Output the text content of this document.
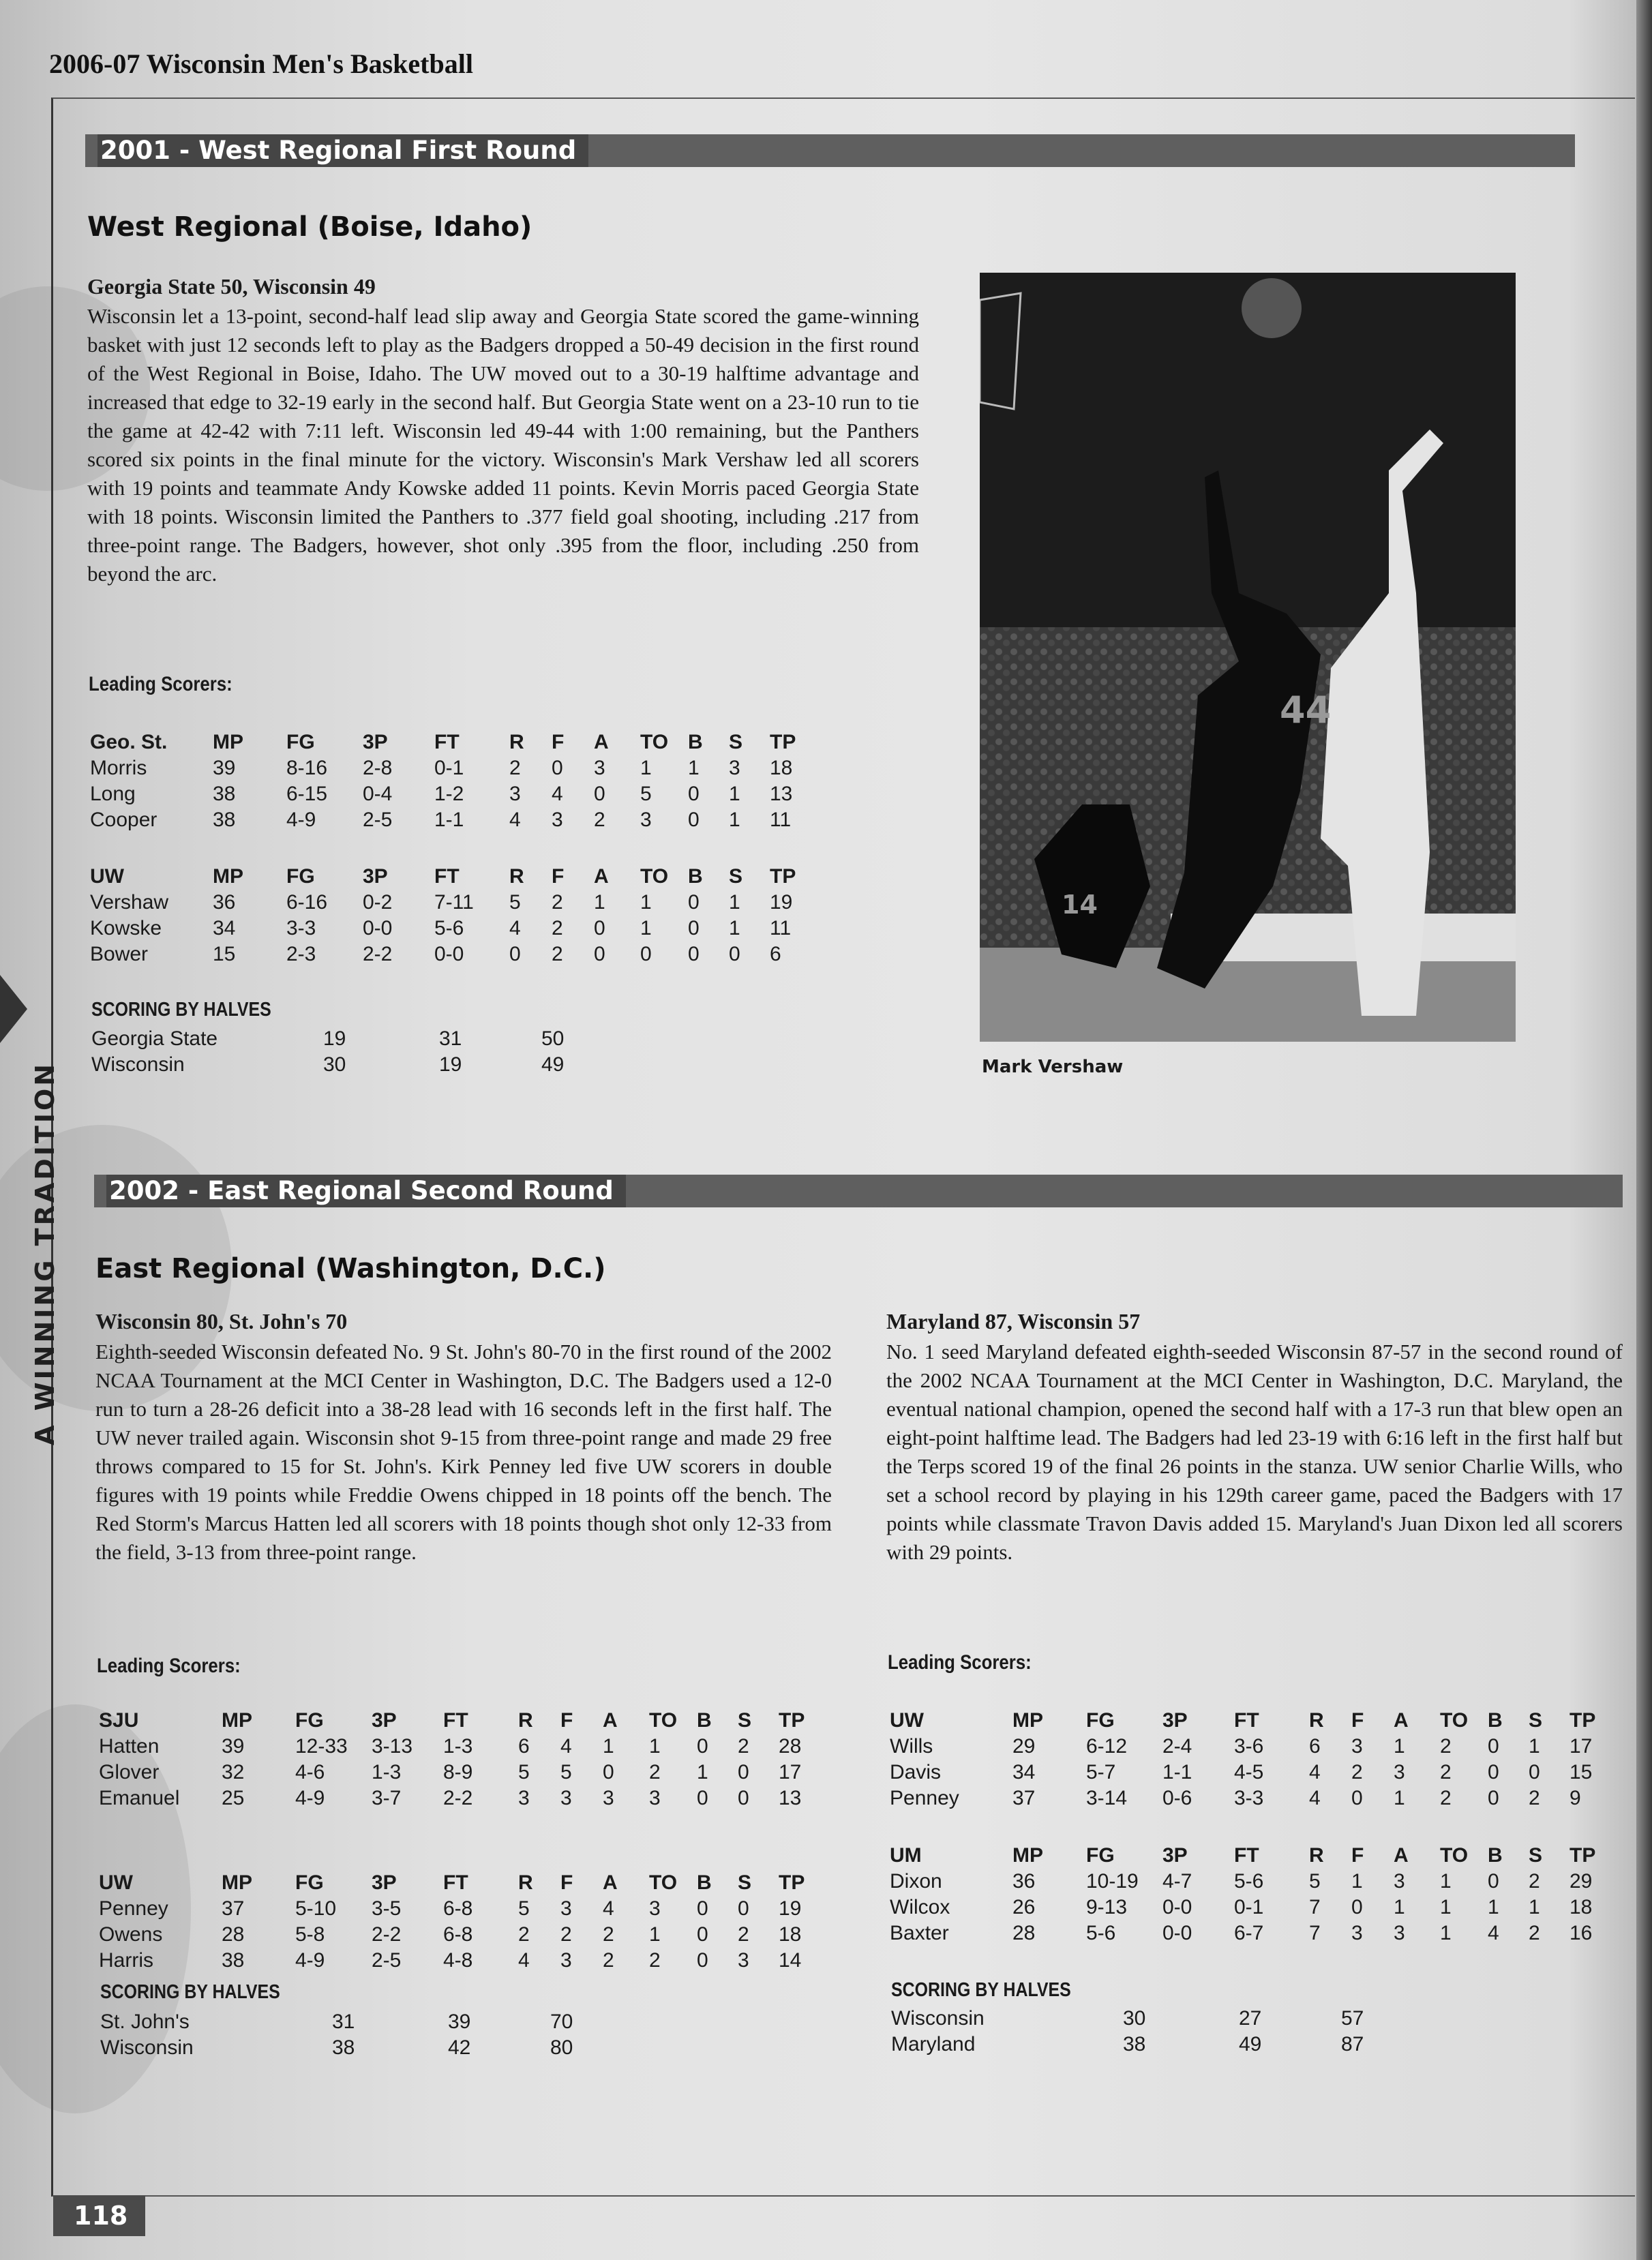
2006-07 Wisconsin Men's Basketball
2001 - West Regional First Round
West Regional (Boise, Idaho)
Georgia State 50, Wisconsin 49
Wisconsin let a 13-point, second-half lead slip away and Georgia State scored the game-winning basket with just 12 seconds left to play as the Badgers dropped a 50-49 decision in the first round of the West Regional in Boise, Idaho. The UW moved out to a 30-19 halftime advantage and increased that edge to 32-19 early in the second half. But Georgia State went on a 23-10 run to tie the game at 42-42 with 7:11 left. Wisconsin led 49-44 with 1:00 remaining, but the Panthers scored six points in the final minute for the victory. Wisconsin's Mark Vershaw led all scorers with 19 points and teammate Andy Kowske added 11 points. Kevin Morris paced Georgia State with 18 points. Wisconsin limited the Panthers to .377 field goal shooting, including .217 from three-point range. The Badgers, however, shot only .395 from the floor, including .250 from beyond the arc.
Leading Scorers:
Geo. St.	MP	FG	3P	FT	R	F	A	TO	B	S	TP
Morris	39	8-16	2-8	0-1	2	0	3	1	1	3	18
Long	38	6-15	0-4	1-2	3	4	0	5	0	1	13
Cooper	38	4-9	2-5	1-1	4	3	2	3	0	1	11
UW	MP	FG	3P	FT	R	F	A	TO	B	S	TP
Vershaw	36	6-16	0-2	7-11	5	2	1	1	0	1	19
Kowske	34	3-3	0-0	5-6	4	2	0	1	0	1	11
Bower	15	2-3	2-2	0-0	0	2	0	0	0	0	6
SCORING BY HALVES
Georgia State	19	31	50
Wisconsin	30	19	49
44
14
Mark Vershaw
2002 - East Regional Second Round
East Regional (Washington, D.C.)
Wisconsin 80, St. John's 70
Eighth-seeded Wisconsin defeated No. 9 St. John's 80-70 in the first round of the 2002 NCAA Tournament at the MCI Center in Washington, D.C. The Badgers used a 12-0 run to turn a 28-26 deficit into a 38-28 lead with 16 seconds left in the first half. The UW never trailed again. Wisconsin shot 9-15 from three-point range and made 29 free throws compared to 15 for St. John's. Kirk Penney led five UW scorers in double figures with 19 points while Freddie Owens chipped in 18 points off the bench. The Red Storm's Marcus Hatten led all scorers with 18 points though shot only 12-33 from the field, 3-13 from three-point range.
Leading Scorers:
SJU	MP	FG	3P	FT	R	F	A	TO	B	S	TP
Hatten	39	12-33	3-13	1-3	6	4	1	1	0	2	28
Glover	32	4-6	1-3	8-9	5	5	0	2	1	0	17
Emanuel	25	4-9	3-7	2-2	3	3	3	3	0	0	13
UW	MP	FG	3P	FT	R	F	A	TO	B	S	TP
Penney	37	5-10	3-5	6-8	5	3	4	3	0	0	19
Owens	28	5-8	2-2	6-8	2	2	2	1	0	2	18
Harris	38	4-9	2-5	4-8	4	3	2	2	0	3	14
SCORING BY HALVES
St. John's	31	39	70
Wisconsin	38	42	80
Maryland 87, Wisconsin 57
No. 1 seed Maryland defeated eighth-seeded Wisconsin 87-57 in the second round of the 2002 NCAA Tournament at the MCI Center in Washington, D.C. Maryland, the eventual national champion, opened the second half with a 17-3 run that blew open an eight-point halftime lead. The Badgers had led 23-19 with 6:16 left in the first half but the Terps scored 19 of the final 26 points in the stanza. UW senior Charlie Wills, who set a school record by playing in his 129th career game, paced the Badgers with 17 points while classmate Travon Davis added 15. Maryland's Juan Dixon led all scorers with 29 points.
Leading Scorers:
UW	MP	FG	3P	FT	R	F	A	TO	B	S	TP
Wills	29	6-12	2-4	3-6	6	3	1	2	0	1	17
Davis	34	5-7	1-1	4-5	4	2	3	2	0	0	15
Penney	37	3-14	0-6	3-3	4	0	1	2	0	2	9
UM	MP	FG	3P	FT	R	F	A	TO	B	S	TP
Dixon	36	10-19	4-7	5-6	5	1	3	1	0	2	29
Wilcox	26	9-13	0-0	0-1	7	0	1	1	1	1	18
Baxter	28	5-6	0-0	6-7	7	3	3	1	4	2	16
SCORING BY HALVES
Wisconsin	30	27	57
Maryland	38	49	87
A WINNING TRADITION
118
